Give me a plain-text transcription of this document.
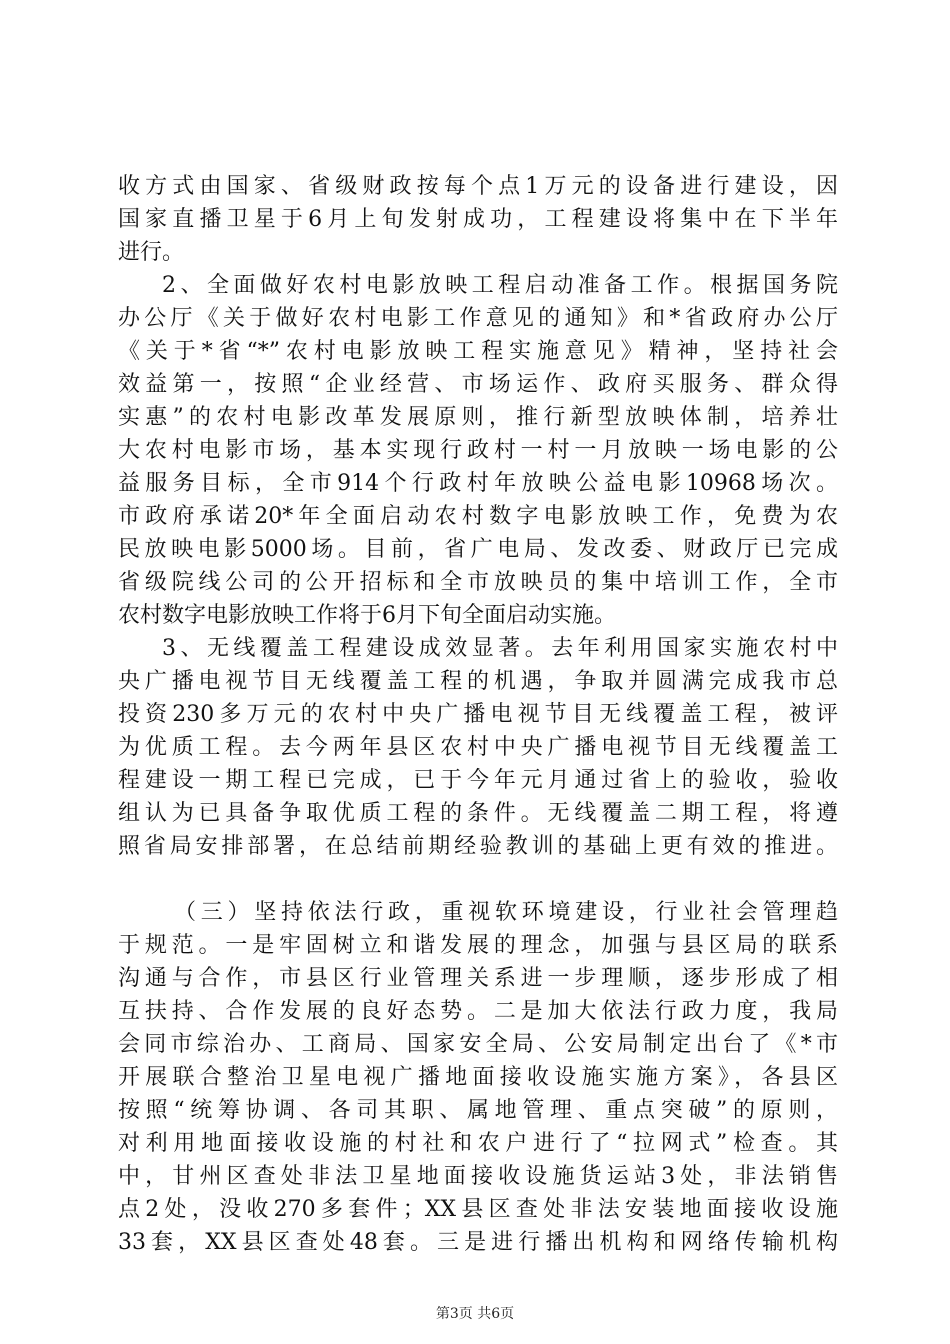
收方式由国家、省级财政按每个点1万元的设备进行建设，因
国家直播卫星于6月上旬发射成功，工程建设将集中在下半年
进行。
2、全面做好农村电影放映工程启动准备工作。根据国务院
办公厅《关于做好农村电影工作意见的通知》和*省政府办公厅
《关于*省“*”农村电影放映工程实施意见》精神，坚持社会
效益第一，按照“企业经营、市场运作、政府买服务、群众得
实惠”的农村电影改革发展原则，推行新型放映体制，培养壮
大农村电影市场，基本实现行政村一村一月放映一场电影的公
益服务目标，全市914个行政村年放映公益电影10968场次。
市政府承诺20*年全面启动农村数字电影放映工作，免费为农
民放映电影5000场。目前，省广电局、发改委、财政厅已完成
省级院线公司的公开招标和全市放映员的集中培训工作，全市
农村数字电影放映工作将于6月下旬全面启动实施。
3、无线覆盖工程建设成效显著。去年利用国家实施农村中
央广播电视节目无线覆盖工程的机遇，争取并圆满完成我市总
投资230多万元的农村中央广播电视节目无线覆盖工程，被评
为优质工程。去今两年县区农村中央广播电视节目无线覆盖工
程建设一期工程已完成，已于今年元月通过省上的验收，验收
组认为已具备争取优质工程的条件。无线覆盖二期工程，将遵
照省局安排部署，在总结前期经验教训的基础上更有效的推进。
（三）坚持依法行政，重视软环境建设，行业社会管理趋
于规范。一是牢固树立和谐发展的理念，加强与县区局的联系
沟通与合作，市县区行业管理关系进一步理顺，逐步形成了相
互扶持、合作发展的良好态势。二是加大依法行政力度，我局
会同市综治办、工商局、国家安全局、公安局制定出台了《*市
开展联合整治卫星电视广播地面接收设施实施方案》，各县区
按照“统筹协调、各司其职、属地管理、重点突破”的原则，
对利用地面接收设施的村社和农户进行了“拉网式”检查。其
中，甘州区查处非法卫星地面接收设施货运站3处，非法销售
点2处，没收270多套件；XX县区查处非法安装地面接收设施
33套，XX县区查处48套。三是进行播出机构和网络传输机构
第3页 共6页
